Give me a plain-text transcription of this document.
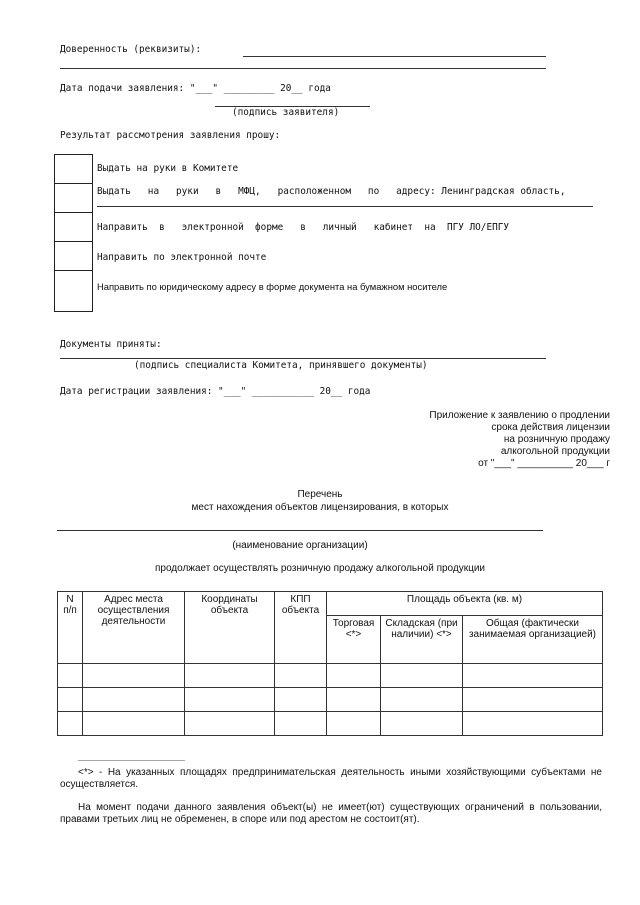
Доверенность (реквизиты):
Дата подачи заявления: "___" _________ 20__ года
(подпись заявителя)
Результат рассмотрения заявления прошу:
Выдать на руки в Комитете
Выдать   на   руки   в   МФЦ,   расположенном   по   адресу: Ленинградская область,
Направить  в   электронной  форме   в   личный   кабинет  на  ПГУ ЛО/ЕПГУ
Направить по электронной почте
Направить по юридическому адресу в форме документа на бумажном носителе
Документы приняты:
(подпись специалиста Комитета, принявшего документы)
Дата регистрации заявления: "___" ___________ 20__ года
Приложение к заявлению о продлении
срока действия лицензии
на розничную продажу
алкогольной продукции
от "___" __________ 20___ г
Перечень
мест нахождения объектов лицензирования, в которых
(наименование организации)
продолжает осуществлять розничную продажу алкогольной продукции
N п/п	Адрес места осуществления деятельности	Координаты объекта	КПП объекта	Площадь объекта (кв. м)		
				Торговая <*>	Складская (при наличии) <*>	Общая (фактически занимаемая организацией)

________________________
<*> - На указанных площадях предпринимательская деятельность иными хозяйствующими субъектами не осуществляется.
На момент подачи данного заявления объект(ы) не имеет(ют) существующих ограничений в пользовании, правами третьих лиц не обременен, в споре или под арестом не состоит(ят).
